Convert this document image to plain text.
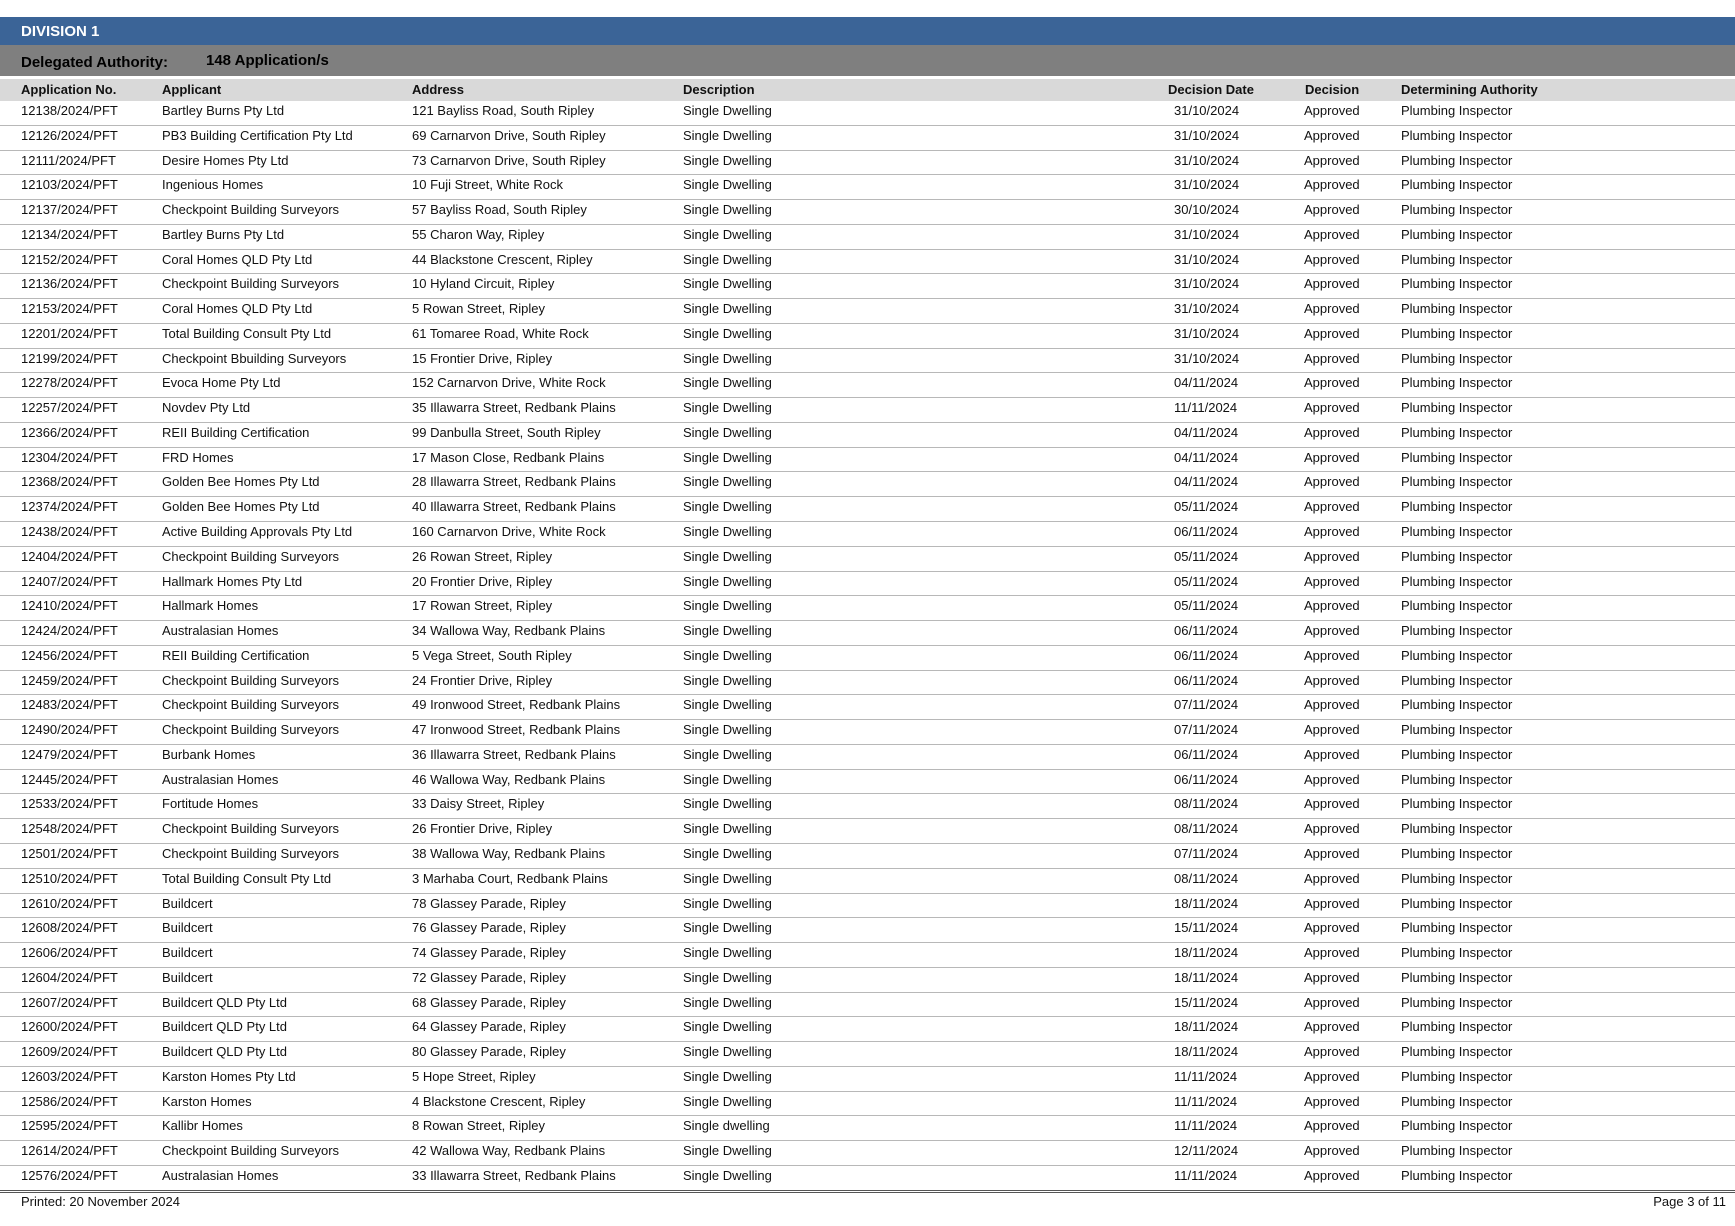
DIVISION 1
Delegated Authority:	148 Application/s
Application No.	Applicant	Address	Description	Decision Date	Decision	Determining Authority
12138/2024/PFT	Bartley Burns Pty Ltd	121 Bayliss Road, South Ripley	Single Dwelling	31/10/2024	Approved	Plumbing Inspector
12126/2024/PFT	PB3 Building Certification Pty Ltd	69 Carnarvon Drive, South Ripley	Single Dwelling	31/10/2024	Approved	Plumbing Inspector
12111/2024/PFT	Desire Homes Pty Ltd	73 Carnarvon Drive, South Ripley	Single Dwelling	31/10/2024	Approved	Plumbing Inspector
12103/2024/PFT	Ingenious Homes	10 Fuji Street, White Rock	Single Dwelling	31/10/2024	Approved	Plumbing Inspector
12137/2024/PFT	Checkpoint Building Surveyors	57 Bayliss Road, South Ripley	Single Dwelling	30/10/2024	Approved	Plumbing Inspector
12134/2024/PFT	Bartley Burns Pty Ltd	55 Charon Way, Ripley	Single Dwelling	31/10/2024	Approved	Plumbing Inspector
12152/2024/PFT	Coral Homes QLD Pty Ltd	44 Blackstone Crescent, Ripley	Single Dwelling	31/10/2024	Approved	Plumbing Inspector
12136/2024/PFT	Checkpoint Building Surveyors	10 Hyland Circuit, Ripley	Single Dwelling	31/10/2024	Approved	Plumbing Inspector
12153/2024/PFT	Coral Homes QLD Pty Ltd	5 Rowan Street, Ripley	Single Dwelling	31/10/2024	Approved	Plumbing Inspector
12201/2024/PFT	Total Building Consult Pty Ltd	61 Tomaree Road, White Rock	Single Dwelling	31/10/2024	Approved	Plumbing Inspector
12199/2024/PFT	Checkpoint Bbuilding Surveyors	15 Frontier Drive, Ripley	Single Dwelling	31/10/2024	Approved	Plumbing Inspector
12278/2024/PFT	Evoca Home Pty Ltd	152 Carnarvon Drive, White Rock	Single Dwelling	04/11/2024	Approved	Plumbing Inspector
12257/2024/PFT	Novdev Pty Ltd	35 Illawarra Street, Redbank Plains	Single Dwelling	11/11/2024	Approved	Plumbing Inspector
12366/2024/PFT	REII Building Certification	99 Danbulla Street, South Ripley	Single Dwelling	04/11/2024	Approved	Plumbing Inspector
12304/2024/PFT	FRD Homes	17 Mason Close, Redbank Plains	Single Dwelling	04/11/2024	Approved	Plumbing Inspector
12368/2024/PFT	Golden Bee Homes Pty Ltd	28 Illawarra Street, Redbank Plains	Single Dwelling	04/11/2024	Approved	Plumbing Inspector
12374/2024/PFT	Golden Bee Homes Pty Ltd	40 Illawarra Street, Redbank Plains	Single Dwelling	05/11/2024	Approved	Plumbing Inspector
12438/2024/PFT	Active Building Approvals Pty Ltd	160 Carnarvon Drive, White Rock	Single Dwelling	06/11/2024	Approved	Plumbing Inspector
12404/2024/PFT	Checkpoint Building Surveyors	26 Rowan Street, Ripley	Single Dwelling	05/11/2024	Approved	Plumbing Inspector
12407/2024/PFT	Hallmark Homes Pty Ltd	20 Frontier Drive, Ripley	Single Dwelling	05/11/2024	Approved	Plumbing Inspector
12410/2024/PFT	Hallmark Homes	17 Rowan Street, Ripley	Single Dwelling	05/11/2024	Approved	Plumbing Inspector
12424/2024/PFT	Australasian Homes	34 Wallowa Way, Redbank Plains	Single Dwelling	06/11/2024	Approved	Plumbing Inspector
12456/2024/PFT	REII Building Certification	5 Vega Street, South Ripley	Single Dwelling	06/11/2024	Approved	Plumbing Inspector
12459/2024/PFT	Checkpoint Building Surveyors	24 Frontier Drive, Ripley	Single Dwelling	06/11/2024	Approved	Plumbing Inspector
12483/2024/PFT	Checkpoint Building Surveyors	49 Ironwood Street, Redbank Plains	Single Dwelling	07/11/2024	Approved	Plumbing Inspector
12490/2024/PFT	Checkpoint Building Surveyors	47 Ironwood Street, Redbank Plains	Single Dwelling	07/11/2024	Approved	Plumbing Inspector
12479/2024/PFT	Burbank Homes	36 Illawarra Street, Redbank Plains	Single Dwelling	06/11/2024	Approved	Plumbing Inspector
12445/2024/PFT	Australasian Homes	46 Wallowa Way, Redbank Plains	Single Dwelling	06/11/2024	Approved	Plumbing Inspector
12533/2024/PFT	Fortitude Homes	33 Daisy Street, Ripley	Single Dwelling	08/11/2024	Approved	Plumbing Inspector
12548/2024/PFT	Checkpoint Building Surveyors	26 Frontier Drive, Ripley	Single Dwelling	08/11/2024	Approved	Plumbing Inspector
12501/2024/PFT	Checkpoint Building Surveyors	38 Wallowa Way, Redbank Plains	Single Dwelling	07/11/2024	Approved	Plumbing Inspector
12510/2024/PFT	Total Building Consult Pty Ltd	3 Marhaba Court, Redbank Plains	Single Dwelling	08/11/2024	Approved	Plumbing Inspector
12610/2024/PFT	Buildcert	78 Glassey Parade, Ripley	Single Dwelling	18/11/2024	Approved	Plumbing Inspector
12608/2024/PFT	Buildcert	76 Glassey Parade, Ripley	Single Dwelling	15/11/2024	Approved	Plumbing Inspector
12606/2024/PFT	Buildcert	74 Glassey Parade, Ripley	Single Dwelling	18/11/2024	Approved	Plumbing Inspector
12604/2024/PFT	Buildcert	72 Glassey Parade, Ripley	Single Dwelling	18/11/2024	Approved	Plumbing Inspector
12607/2024/PFT	Buildcert QLD Pty Ltd	68 Glassey Parade, Ripley	Single Dwelling	15/11/2024	Approved	Plumbing Inspector
12600/2024/PFT	Buildcert QLD Pty Ltd	64 Glassey Parade, Ripley	Single Dwelling	18/11/2024	Approved	Plumbing Inspector
12609/2024/PFT	Buildcert QLD Pty Ltd	80 Glassey Parade, Ripley	Single Dwelling	18/11/2024	Approved	Plumbing Inspector
12603/2024/PFT	Karston Homes Pty Ltd	5 Hope Street, Ripley	Single Dwelling	11/11/2024	Approved	Plumbing Inspector
12586/2024/PFT	Karston Homes	4 Blackstone Crescent, Ripley	Single Dwelling	11/11/2024	Approved	Plumbing Inspector
12595/2024/PFT	Kallibr Homes	8 Rowan Street, Ripley	Single dwelling	11/11/2024	Approved	Plumbing Inspector
12614/2024/PFT	Checkpoint Building Surveyors	42 Wallowa Way, Redbank Plains	Single Dwelling	12/11/2024	Approved	Plumbing Inspector
12576/2024/PFT	Australasian Homes	33 Illawarra Street, Redbank Plains	Single Dwelling	11/11/2024	Approved	Plumbing Inspector
Printed: 20 November 2024	Page 3 of 11
